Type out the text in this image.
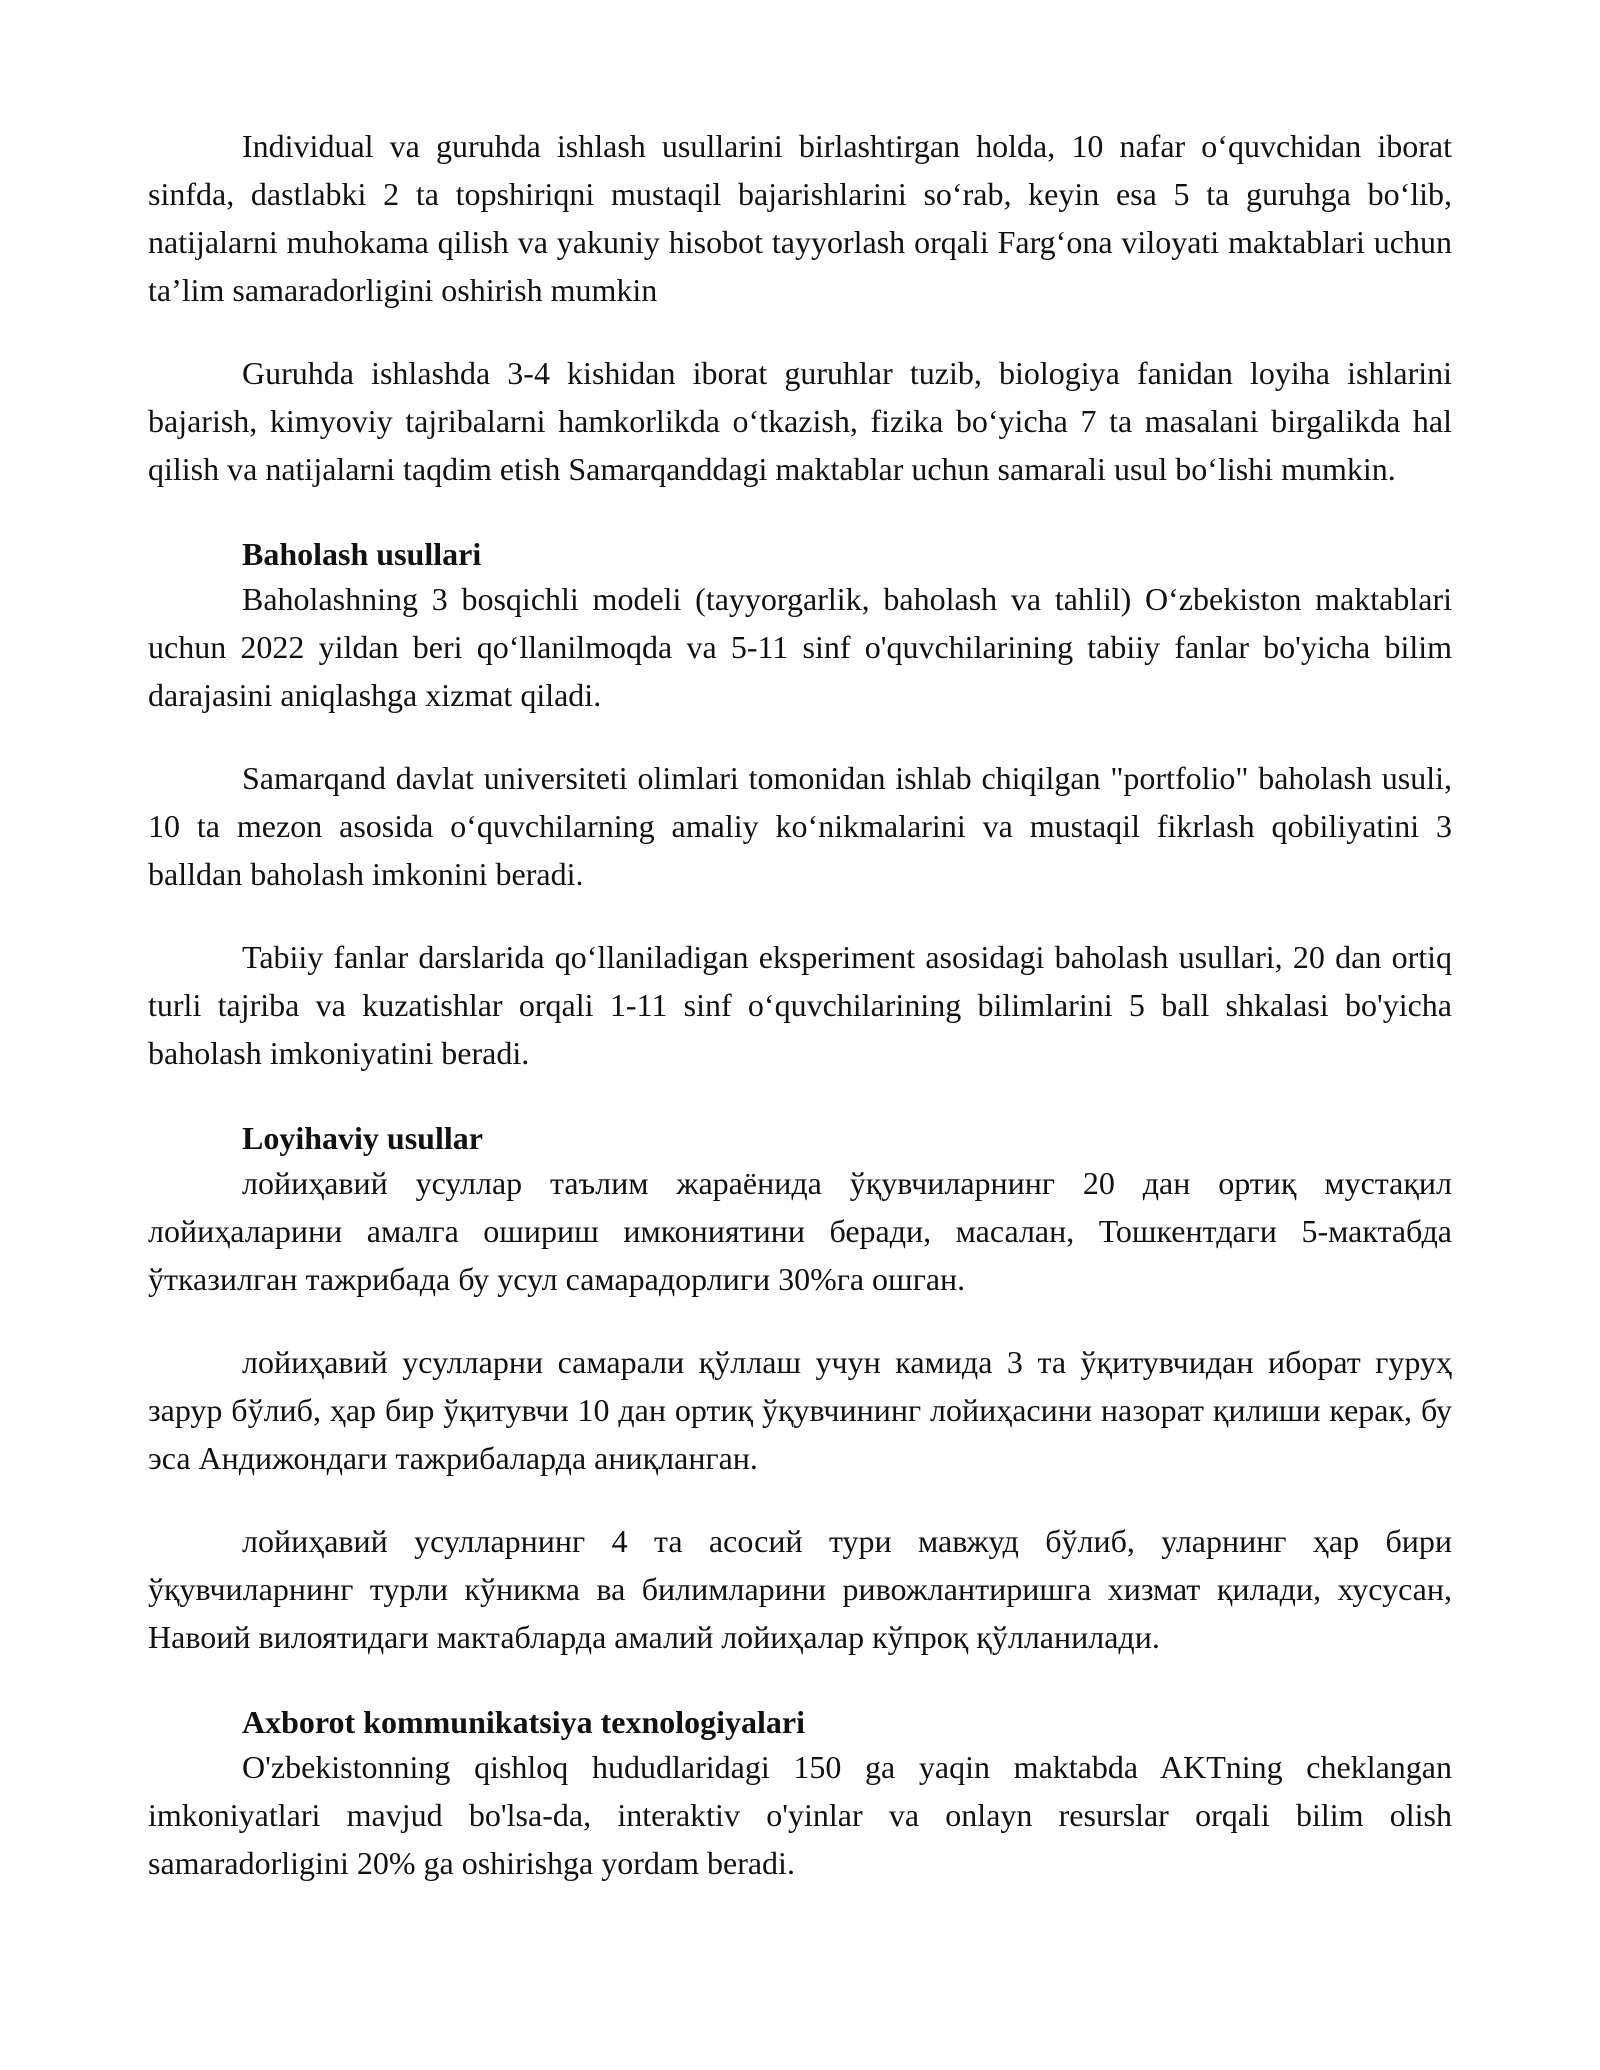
Individual va guruhda ishlash usullarini birlashtirgan holda, 10 nafar o‘quvchidan iborat sinfda, dastlabki 2 ta topshiriqni mustaqil bajarishlarini so‘rab, keyin esa 5 ta guruhga bo‘lib, natijalarni muhokama qilish va yakuniy hisobot tayyorlash orqali Farg‘ona viloyati maktablari uchun ta’lim samaradorligini oshirish mumkin

Guruhda ishlashda 3-4 kishidan iborat guruhlar tuzib, biologiya fanidan loyiha ishlarini bajarish, kimyoviy tajribalarni hamkorlikda o‘tkazish, fizika bo‘yicha 7 ta masalani birgalikda hal qilish va natijalarni taqdim etish Samarqanddagi maktablar uchun samarali usul bo‘lishi mumkin.

Baholash usullari

Baholashning 3 bosqichli modeli (tayyorgarlik, baholash va tahlil) O‘zbekiston maktablari uchun 2022 yildan beri qo‘llanilmoqda va 5-11 sinf o'quvchilarining tabiiy fanlar bo'yicha bilim darajasini aniqlashga xizmat qiladi.

Samarqand davlat universiteti olimlari tomonidan ishlab chiqilgan "portfolio" baholash usuli, 10 ta mezon asosida o‘quvchilarning amaliy ko‘nikmalarini va mustaqil fikrlash qobiliyatini 3 balldan baholash imkonini beradi.

Tabiiy fanlar darslarida qo‘llaniladigan eksperiment asosidagi baholash usullari, 20 dan ortiq turli tajriba va kuzatishlar orqali 1-11 sinf o‘quvchilarining bilimlarini 5 ball shkalasi bo'yicha baholash imkoniyatini beradi.

Loyihaviy usullar

лойиҳавий усуллар таълим жараёнида ўқувчиларнинг 20 дан ортиқ мустақил лойиҳаларини амалга ошириш имкониятини беради, масалан, Тошкентдаги 5-мактабда ўтказилган тажрибада бу усул самарадорлиги 30%га ошган.

лойиҳавий усулларни самарали қўллаш учун камида 3 та ўқитувчидан иборат гуруҳ зарур бўлиб, ҳар бир ўқитувчи 10 дан ортиқ ўқувчининг лойиҳасини назорат қилиши керак, бу эса Андижондаги тажрибаларда аниқланган.

лойиҳавий усулларнинг 4 та асосий тури мавжуд бўлиб, уларнинг ҳар бири ўқувчиларнинг турли кўникма ва билимларини ривожлантиришга хизмат қилади, хусусан, Навоий вилоятидаги мактабларда амалий лойиҳалар кўпроқ қўлланилади.

Axborot kommunikatsiya texnologiyalari

O'zbekistonning qishloq hududlaridagi 150 ga yaqin maktabda AKTning cheklangan imkoniyatlari mavjud bo'lsa-da, interaktiv o'yinlar va onlayn resurslar orqali bilim olish samaradorligini 20% ga oshirishga yordam beradi.
